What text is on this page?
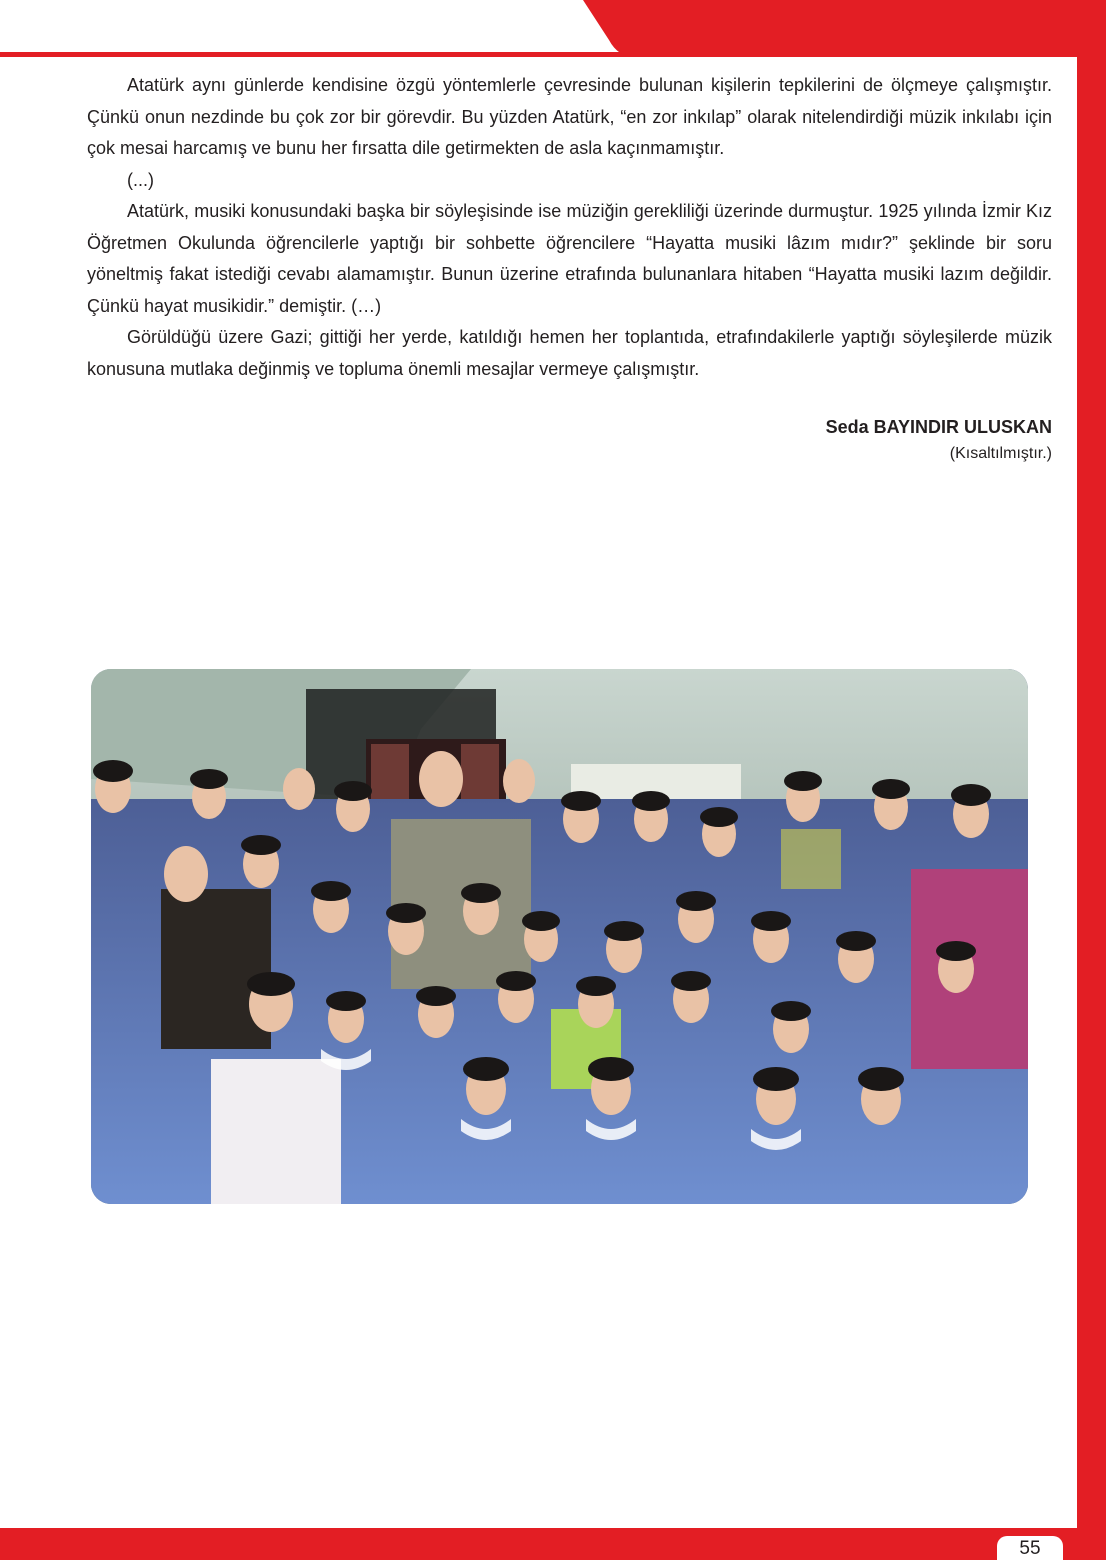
Atatürk aynı günlerde kendisine özgü yöntemlerle çevresinde bulunan kişilerin tepkilerini de ölçmeye çalışmıştır. Çünkü onun nezdinde bu çok zor bir görevdir. Bu yüzden Atatürk, “en zor inkılap” olarak nitelendirdiği müzik inkılabı için çok mesai harcamış ve bunu her fırsatta dile getirmekten de asla kaçınmamıştır.

(...)

Atatürk, musiki konusundaki başka bir söyleşisinde ise müziğin gerekliliği üzerinde durmuştur. 1925 yılında İzmir Kız Öğretmen Okulunda öğrencilerle yaptığı bir sohbette öğrencilere “Hayatta musiki lâzım mıdır?” şeklinde bir soru yöneltmiş fakat istediği cevabı alamamıştır. Bunun üzerine etrafında bulunanlara hitaben “Hayatta musiki lazım değildir. Çünkü hayat musikidir.” demiştir. (…)

Görüldüğü üzere Gazi; gittiği her yerde, katıldığı hemen her toplantıda, etrafındakilerle yaptığı söyleşilerde müzik konusuna mutlaka değinmiş ve topluma önemli mesajlar vermeye çalışmıştır.

Seda BAYINDIR ULUSKAN
(Kısaltılmıştır.)
55
